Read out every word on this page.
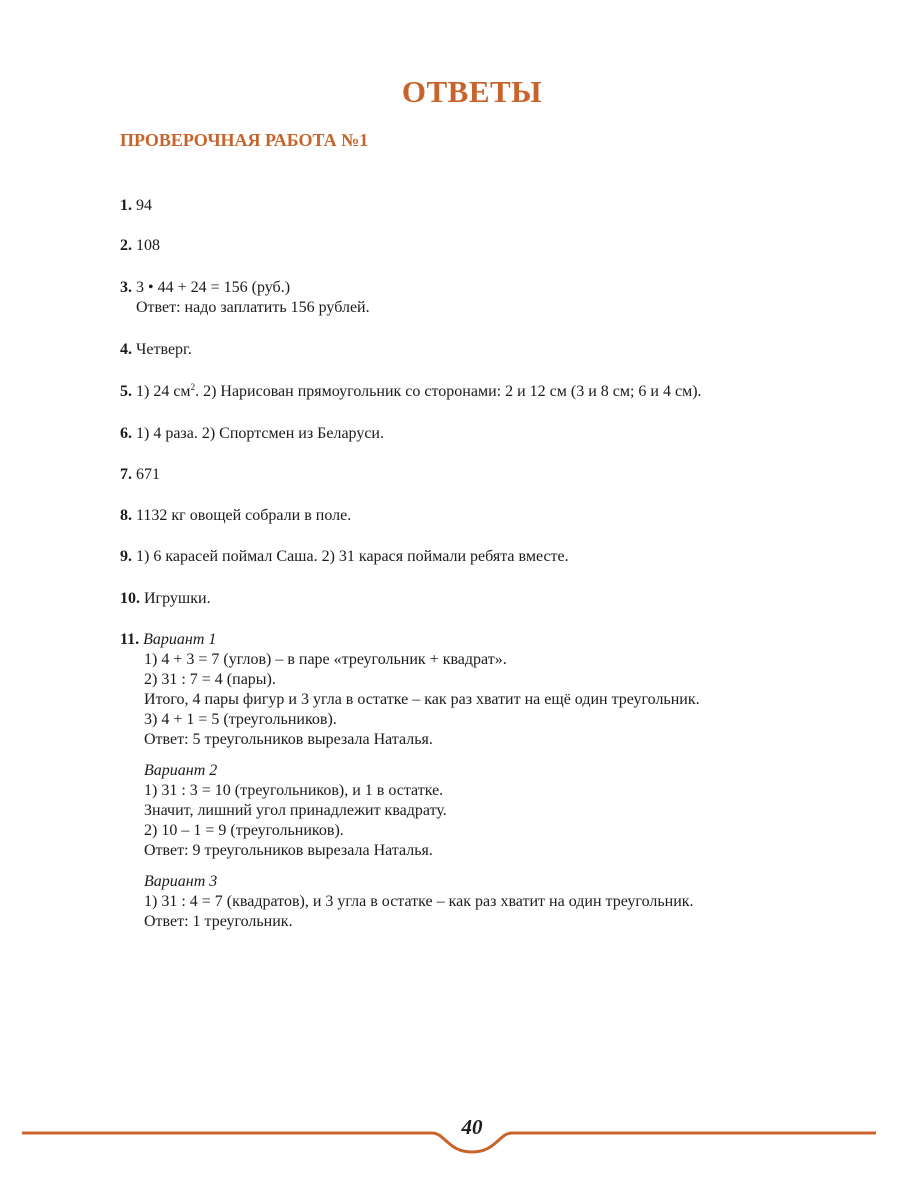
ОТВЕТЫ
ПРОВЕРОЧНАЯ РАБОТА №1
1. 94
2. 108
3. 3 • 44 + 24 = 156 (руб.)
Ответ: надо заплатить 156 рублей.
4. Четверг.
5. 1) 24 $см^2$. 2) Нарисован прямоугольник со сторонами: 2 и 12 см (3 и 8 см; 6 и 4 см).
6. 1) 4 раза. 2) Спортсмен из Беларуси.
7. 671
8. 1132 кг овощей собрали в поле.
9. 1) 6 карасей поймал Саша. 2) 31 карася поймали ребята вместе.
10. Игрушки.
11. Вариант 1
1) 4 + 3 = 7 (углов) – в паре «треугольник + квадрат».
2) 31 : 7 = 4 (пары).
Итого, 4 пары фигур и 3 угла в остатке – как раз хватит на ещё один треугольник.
3) 4 + 1 = 5 (треугольников).
Ответ: 5 треугольников вырезала Наталья.
Вариант 2
1) 31 : 3 = 10 (треугольников), и 1 в остатке.
Значит, лишний угол принадлежит квадрату.
2) 10 – 1 = 9 (треугольников).
Ответ: 9 треугольников вырезала Наталья.
Вариант 3
1) 31 : 4 = 7 (квадратов), и 3 угла в остатке – как раз хватит на один треугольник.
Ответ: 1 треугольник.
40
